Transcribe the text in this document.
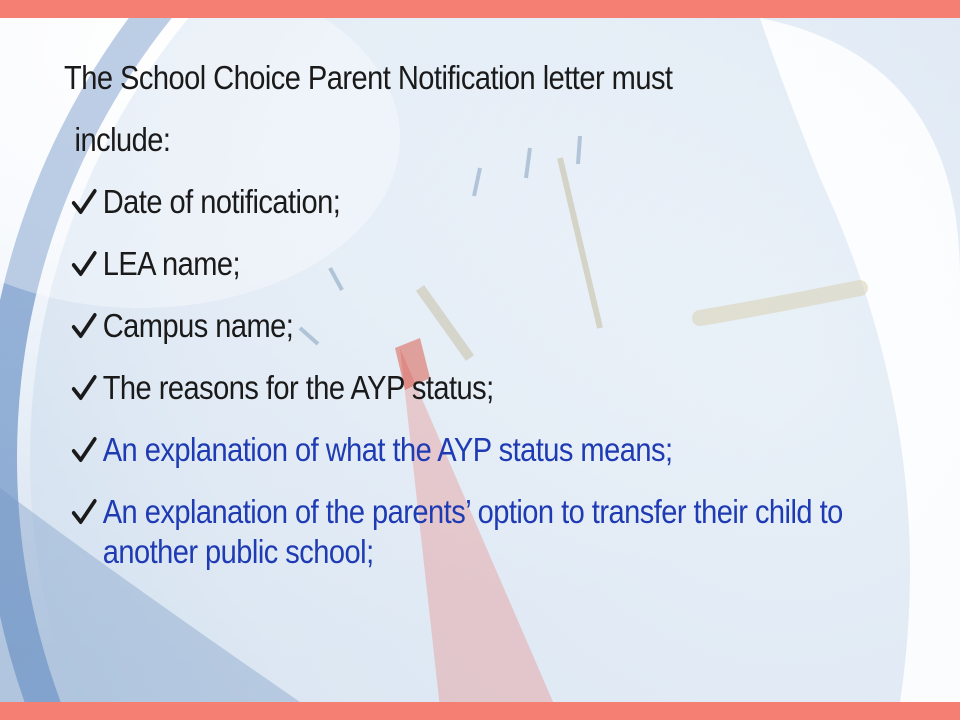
The School Choice Parent Notification letter must

include:

Date of notification;
LEA name;
Campus name;
The reasons for the AYP status;
An explanation of what the AYP status means;
An explanation of the parents’ option to transfer their child to another public school;
